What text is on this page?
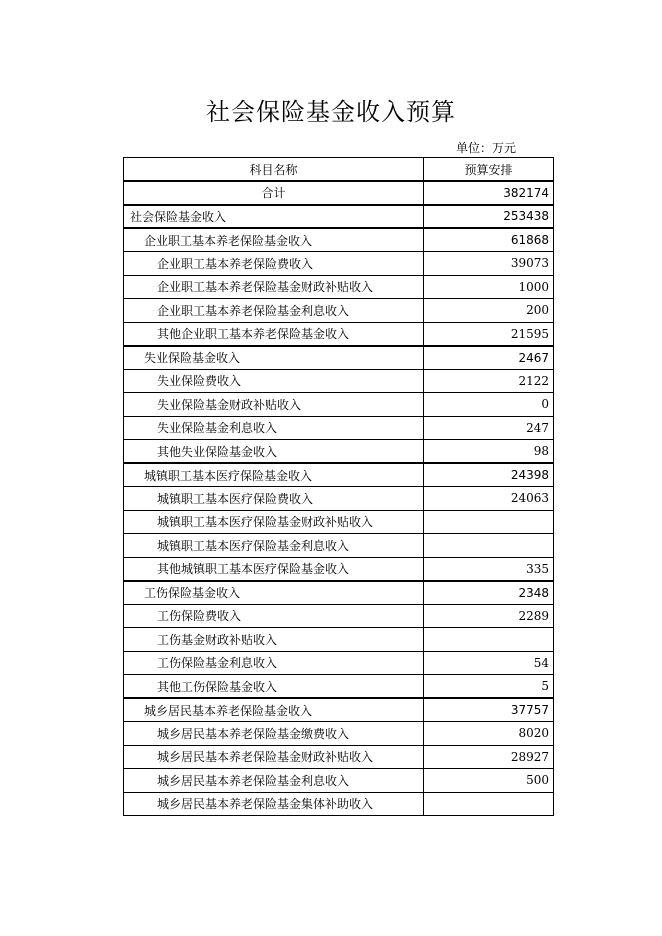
社会保险基金收入预算
单位：万元
科目名称	预算安排
合计	382174
社会保险基金收入	253438
企业职工基本养老保险基金收入	61868
企业职工基本养老保险费收入	39073
企业职工基本养老保险基金财政补贴收入	1000
企业职工基本养老保险基金利息收入	200
其他企业职工基本养老保险基金收入	21595
失业保险基金收入	2467
失业保险费收入	2122
失业保险基金财政补贴收入	0
失业保险基金利息收入	247
其他失业保险基金收入	98
城镇职工基本医疗保险基金收入	24398
城镇职工基本医疗保险费收入	24063
城镇职工基本医疗保险基金财政补贴收入	
城镇职工基本医疗保险基金利息收入	
其他城镇职工基本医疗保险基金收入	335
工伤保险基金收入	2348
工伤保险费收入	2289
工伤基金财政补贴收入	
工伤保险基金利息收入	54
其他工伤保险基金收入	5
城乡居民基本养老保险基金收入	37757
城乡居民基本养老保险基金缴费收入	8020
城乡居民基本养老保险基金财政补贴收入	28927
城乡居民基本养老保险基金利息收入	500
城乡居民基本养老保险基金集体补助收入	
